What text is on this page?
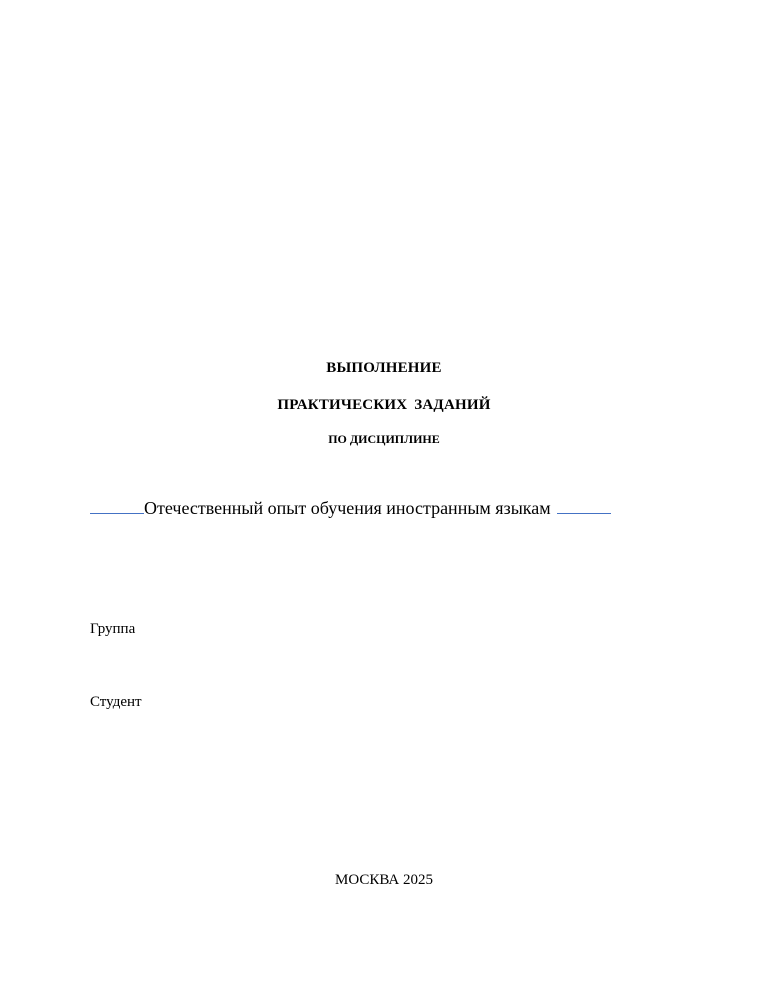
ВЫПОЛНЕНИЕ
ПРАКТИЧЕСКИХ ЗАДАНИЙ
ПО ДИСЦИПЛИНЕ
Отечественный опыт обучения иностранным языкам
Группа
Студент
МОСКВА 2025
